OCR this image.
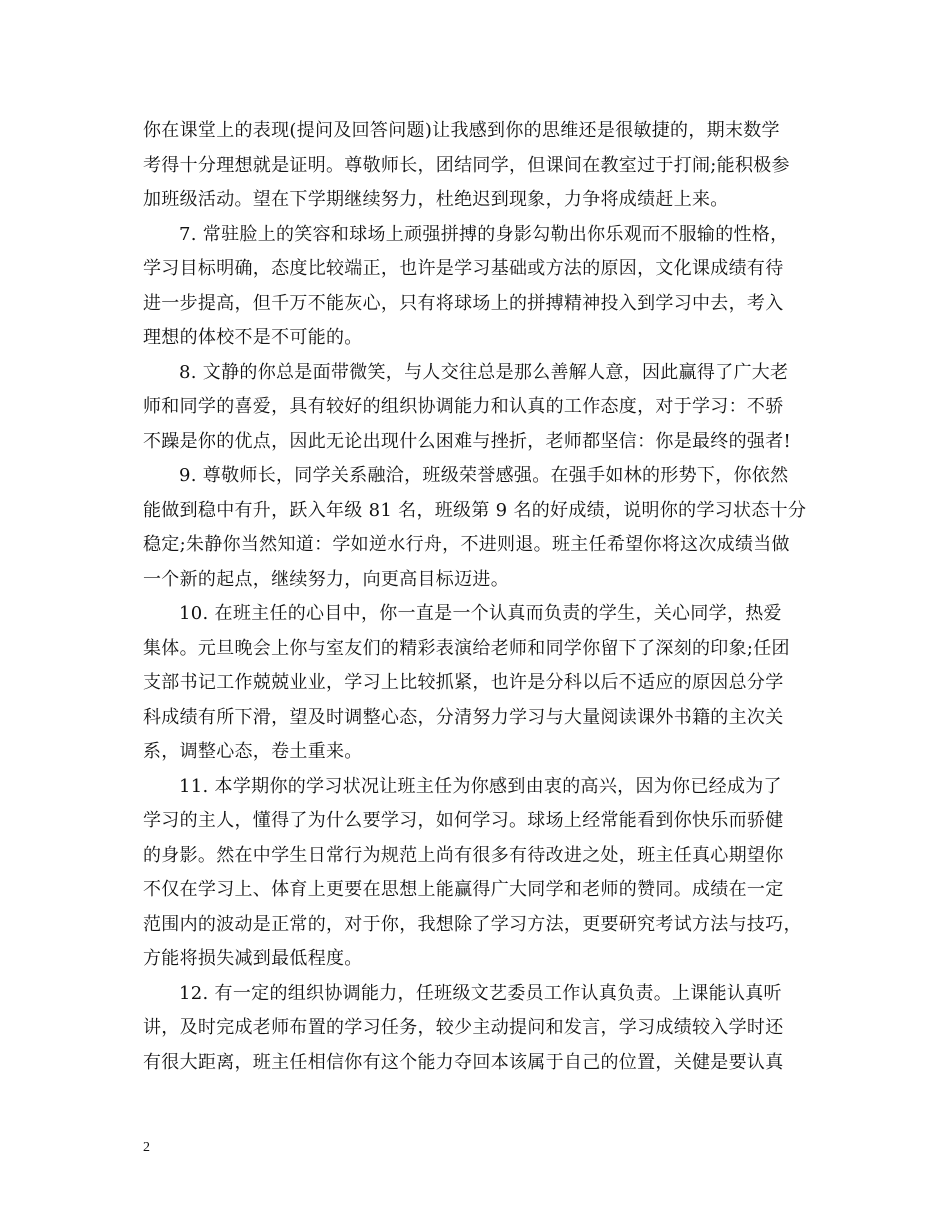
你在课堂上的表现(提问及回答问题)让我感到你的思维还是很敏捷的，期末数学
考得十分理想就是证明。尊敬师长，团结同学，但课间在教室过于打闹;能积极参
加班级活动。望在下学期继续努力，杜绝迟到现象，力争将成绩赶上来。

7. 常驻脸上的笑容和球场上顽强拼搏的身影勾勒出你乐观而不服输的性格，
学习目标明确，态度比较端正，也许是学习基础或方法的原因，文化课成绩有待
进一步提高，但千万不能灰心，只有将球场上的拼搏精神投入到学习中去，考入
理想的体校不是不可能的。

8. 文静的你总是面带微笑，与人交往总是那么善解人意，因此赢得了广大老
师和同学的喜爱，具有较好的组织协调能力和认真的工作态度，对于学习：不骄
不躁是你的优点，因此无论出现什么困难与挫折，老师都坚信：你是最终的强者!

9. 尊敬师长，同学关系融洽，班级荣誉感强。在强手如林的形势下，你依然
能做到稳中有升，跃入年级 81 名，班级第 9 名的好成绩，说明你的学习状态十分
稳定;朱静你当然知道：学如逆水行舟，不进则退。班主任希望你将这次成绩当做
一个新的起点，继续努力，向更高目标迈进。

10. 在班主任的心目中，你一直是一个认真而负责的学生，关心同学，热爱
集体。元旦晚会上你与室友们的精彩表演给老师和同学你留下了深刻的印象;任团
支部书记工作兢兢业业，学习上比较抓紧，也许是分科以后不适应的原因总分学
科成绩有所下滑，望及时调整心态，分清努力学习与大量阅读课外书籍的主次关
系，调整心态，卷土重来。

11. 本学期你的学习状况让班主任为你感到由衷的高兴，因为你已经成为了
学习的主人，懂得了为什么要学习，如何学习。球场上经常能看到你快乐而骄健
的身影。然在中学生日常行为规范上尚有很多有待改进之处，班主任真心期望你
不仅在学习上、体育上更要在思想上能赢得广大同学和老师的赞同。成绩在一定
范围内的波动是正常的，对于你，我想除了学习方法，更要研究考试方法与技巧，
方能将损失减到最低程度。

12. 有一定的组织协调能力，任班级文艺委员工作认真负责。上课能认真听
讲，及时完成老师布置的学习任务，较少主动提问和发言，学习成绩较入学时还
有很大距离，班主任相信你有这个能力夺回本该属于自己的位置，关健是要认真

2
